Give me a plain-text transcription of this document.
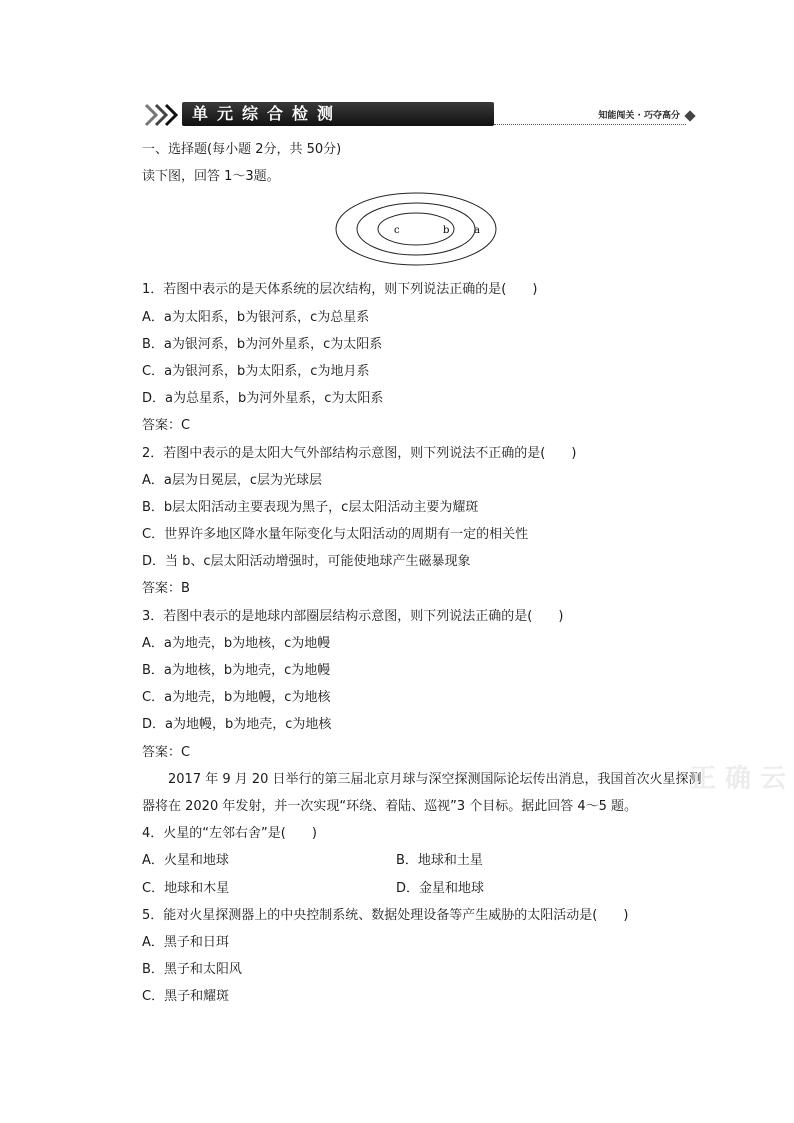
单元综合检测	知能闯关 · 巧夺高分
一、选择题(每小题 2分，共 50分)
读下图，回答 1～3题。
c	b a
1．若图中表示的是天体系统的层次结构，则下列说法正确的是(　　)
A．a为太阳系，b为银河系，c为总星系
B．a为银河系，b为河外星系，c为太阳系
C．a为银河系，b为太阳系，c为地月系
D．a为总星系，b为河外星系，c为太阳系
答案：C
2．若图中表示的是太阳大气外部结构示意图，则下列说法不正确的是(　　)
A．a层为日冕层，c层为光球层
B．b层太阳活动主要表现为黑子，c层太阳活动主要为耀斑
C．世界许多地区降水量年际变化与太阳活动的周期有一定的相关性
D．当 b、c层太阳活动增强时，可能使地球产生磁暴现象
答案：B
3．若图中表示的是地球内部圈层结构示意图，则下列说法正确的是(　　)
A．a为地壳，b为地核，c为地幔
B．a为地核，b为地壳，c为地幔
C．a为地壳，b为地幔，c为地核
D．a为地幔，b为地壳，c为地核
答案：C
2017 年 9 月 20 日举行的第三届北京月球与深空探测国际论坛传出消息，我国首次火星探测器将在 2020 年发射，并一次实现“环绕、着陆、巡视”3 个目标。据此回答 4～5 题。
4．火星的“左邻右舍”是(　　)
A．火星和地球	B．地球和土星
C．地球和木星	D．金星和地球
5．能对火星探测器上的中央控制系统、数据处理设备等产生威胁的太阳活动是(　　)
A．黑子和日珥
B．黑子和太阳风
C．黑子和耀斑
正 确 云
